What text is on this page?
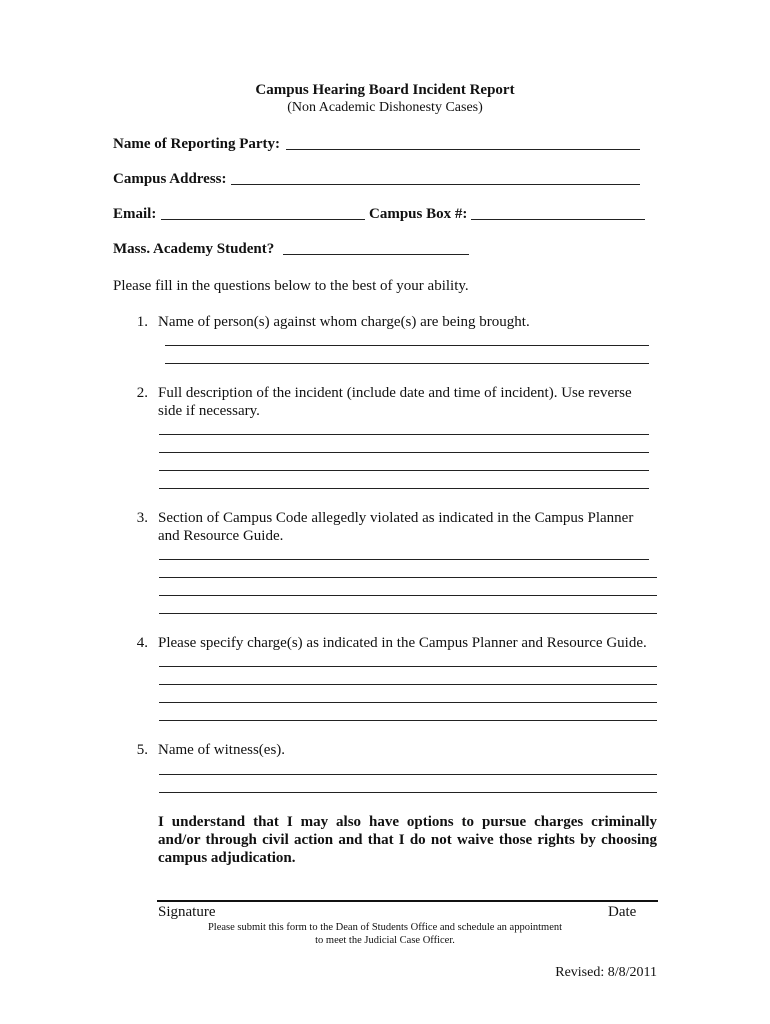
Campus Hearing Board Incident Report
(Non Academic Dishonesty Cases)
Name of Reporting Party:
Campus Address:
Email:	Campus Box #:
Mass. Academy Student?
Please fill in the questions below to the best of your ability.
1. Name of person(s) against whom charge(s) are being brought.
2. Full description of the incident (include date and time of incident). Use reverse
side if necessary.
3. Section of Campus Code allegedly violated as indicated in the Campus Planner
and Resource Guide.
4. Please specify charge(s) as indicated in the Campus Planner and Resource Guide.
5. Name of witness(es).
I understand that I may also have options to pursue charges criminally
and/or through civil action and that I do not waive those rights by choosing
campus adjudication.
Signature	Date
Please submit this form to the Dean of Students Office and schedule an appointment
to meet the Judicial Case Officer.
Revised: 8/8/2011
